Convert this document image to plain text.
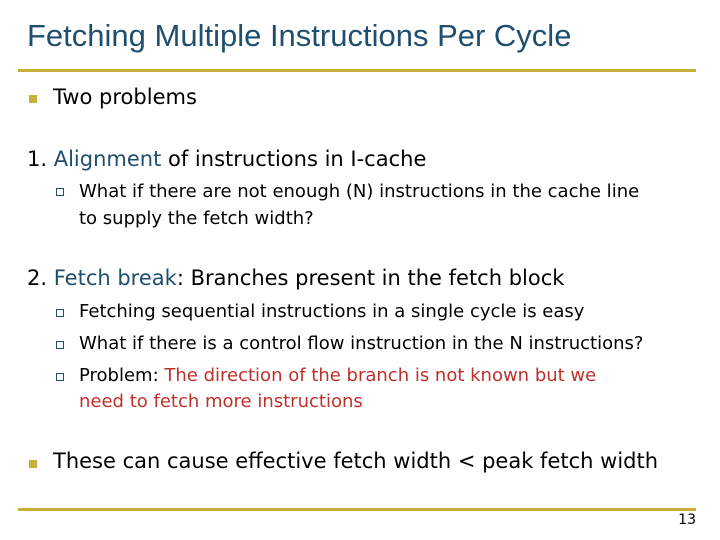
Fetching Multiple Instructions Per Cycle
Two problems
1. Alignment of instructions in I-cache
What if there are not enough (N) instructions in the cache line
to supply the fetch width?
2. Fetch break: Branches present in the fetch block
Fetching sequential instructions in a single cycle is easy
What if there is a control flow instruction in the N instructions?
Problem: The direction of the branch is not known but we
need to fetch more instructions
These can cause effective fetch width < peak fetch width
13
